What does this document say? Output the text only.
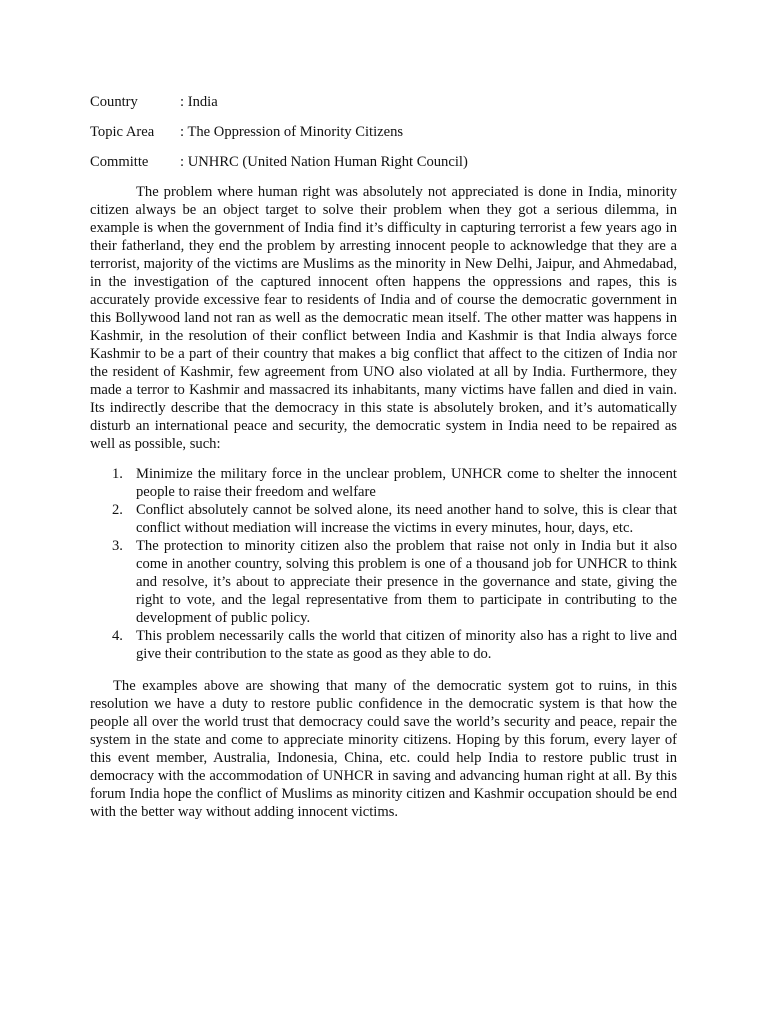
Country	: India
Topic Area	: The Oppression of Minority Citizens
Committe	: UNHRC (United Nation Human Right Council)

The problem where human right was absolutely not appreciated is done in India, minority citizen always be an object target to solve their problem when they got a serious dilemma, in example is when the government of India find it’s difficulty in capturing terrorist a few years ago in their fatherland, they end the problem by arresting innocent people to acknowledge that they are a terrorist, majority of the victims are Muslims as the minority in New Delhi, Jaipur, and Ahmedabad, in the investigation of the captured innocent often happens the oppressions and rapes, this is accurately provide excessive fear to residents of India and of course the democratic government in this Bollywood land not ran as well as the democratic mean itself. The other matter was happens in Kashmir, in the resolution of their conflict between India and Kashmir is that India always force Kashmir to be a part of their country that makes a big conflict that affect to the citizen of India nor the resident of Kashmir, few agreement from UNO also violated at all by India. Furthermore, they made a terror to Kashmir and massacred its inhabitants, many victims have fallen and died in vain. Its indirectly describe that the democracy in this state is absolutely broken, and it’s automatically disturb an international peace and security, the democratic system in India need to be repaired as well as possible, such:

1. Minimize the military force in the unclear problem, UNHCR come to shelter the innocent people to raise their freedom and welfare
2. Conflict absolutely cannot be solved alone, its need another hand to solve, this is clear that conflict without mediation will increase the victims in every minutes, hour, days, etc.
3. The protection to minority citizen also the problem that raise not only in India but it also come in another country, solving this problem is one of a thousand job for UNHCR to think and resolve, it’s about to appreciate their presence in the governance and state, giving the right to vote, and the legal representative from them to participate in contributing to the development of public policy.
4. This problem necessarily calls the world that citizen of minority also has a right to live and give their contribution to the state as good as they able to do.

The examples above are showing that many of the democratic system got to ruins, in this resolution we have a duty to restore public confidence in the democratic system is that how the people all over the world trust that democracy could save the world’s security and peace, repair the system in the state and come to appreciate minority citizens. Hoping by this forum, every layer of this event member, Australia, Indonesia, China, etc. could help India to restore public trust in democracy with the accommodation of UNHCR in saving and advancing human right at all. By this forum India hope the conflict of Muslims as minority citizen and Kashmir occupation should be end with the better way without adding innocent victims.
